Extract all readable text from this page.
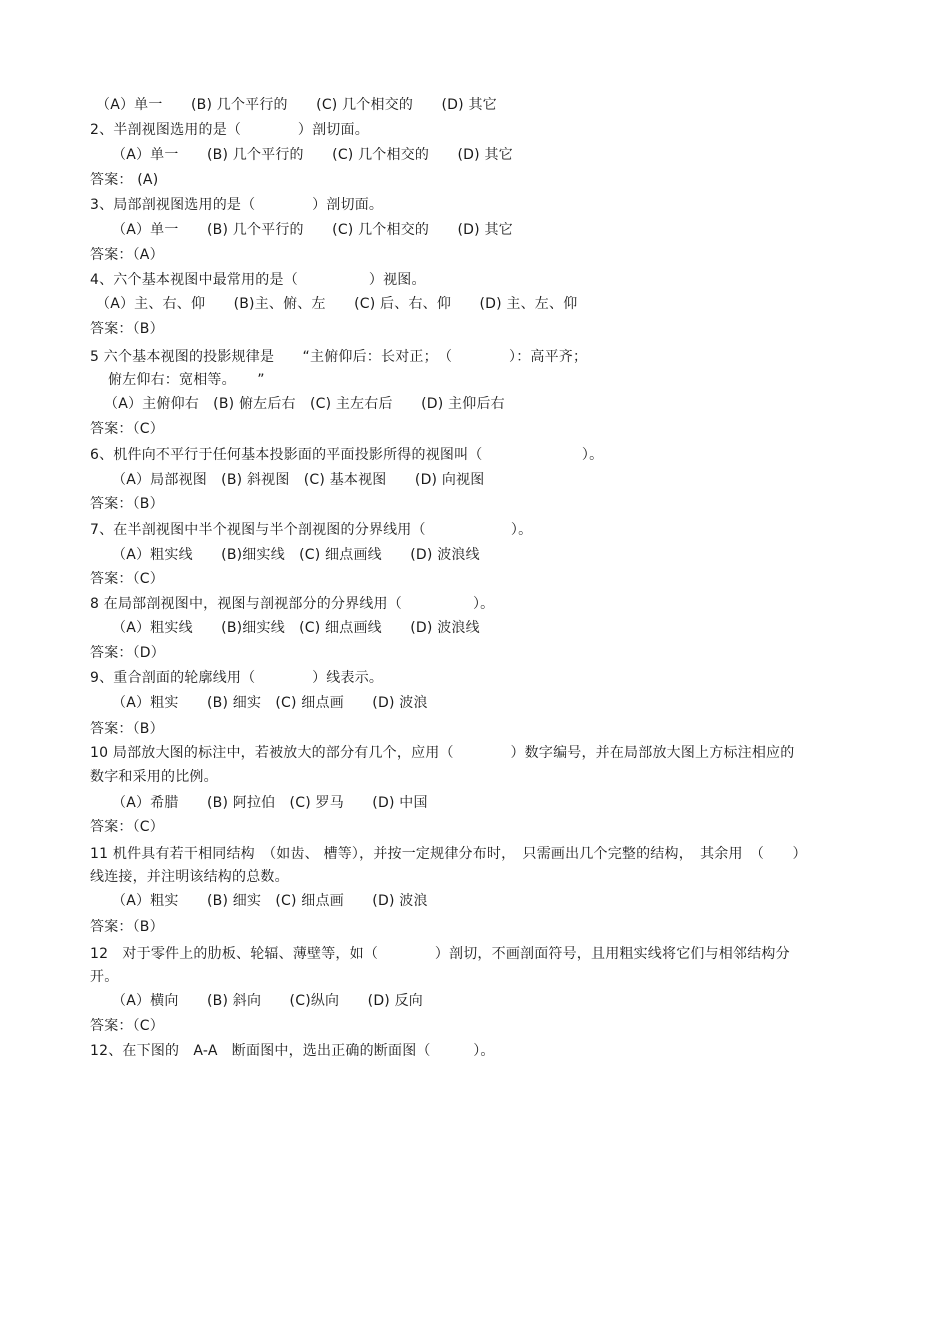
（A）单一　　(B) 几个平行的　　(C) 几个相交的　　(D) 其它
2、半剖视图选用的是（　　　　）剖切面。
（A）单一　　(B) 几个平行的　　(C) 几个相交的　　(D) 其它
答案： (A)
3、局部剖视图选用的是（　　　　）剖切面。
（A）单一　　(B) 几个平行的　　(C) 几个相交的　　(D) 其它
答案：（A）
4、六个基本视图中最常用的是（　　　　　）视图。
（A）主、右、仰　　(B)主、俯、左　　(C) 后、右、仰　　(D) 主、左、仰
答案：（B）
5 六个基本视图的投影规律是　　“主俯仰后：长对正；　（　　　　）：高平齐；
俯左仰右：宽相等。　　”
（A）主俯仰右　(B) 俯左后右　(C) 主左右后　　(D) 主仰后右
答案：（C）
6、机件向不平行于任何基本投影面的平面投影所得的视图叫（　　　　　　　）。
（A）局部视图　(B) 斜视图　(C) 基本视图　　(D) 向视图
答案：（B）
7、在半剖视图中半个视图与半个剖视图的分界线用（　　　　　　）。
（A）粗实线　　(B)细实线　(C) 细点画线　　(D) 波浪线
答案：（C）
8 在局部剖视图中，视图与剖视部分的分界线用（　　　　　）。
（A）粗实线　　(B)细实线　(C) 细点画线　　(D) 波浪线
答案：（D）
9、重合剖面的轮廓线用（　　　　）线表示。
（A）粗实　　(B) 细实　(C) 细点画　　(D) 波浪
答案：（B）
10 局部放大图的标注中，若被放大的部分有几个，应用（　　　　）数字编号，并在局部放大图上方标注相应的
数字和采用的比例。
（A）希腊　　(B) 阿拉伯　(C) 罗马　　(D) 中国
答案：（C）
11 机件具有若干相同结构　（如齿、 槽等），并按一定规律分布时，　只需画出几个完整的结构，　其余用　（　　）
线连接，并注明该结构的总数。
（A）粗实　　(B) 细实　(C) 细点画　　(D) 波浪
答案：（B）
12　对于零件上的肋板、轮辐、薄壁等，如（　　　　）剖切，不画剖面符号，且用粗实线将它们与相邻结构分
开。
（A）横向　　(B) 斜向　　(C)纵向　　(D) 反向
答案：（C）
12、在下图的　A-A　断面图中，选出正确的断面图（　　　）。
